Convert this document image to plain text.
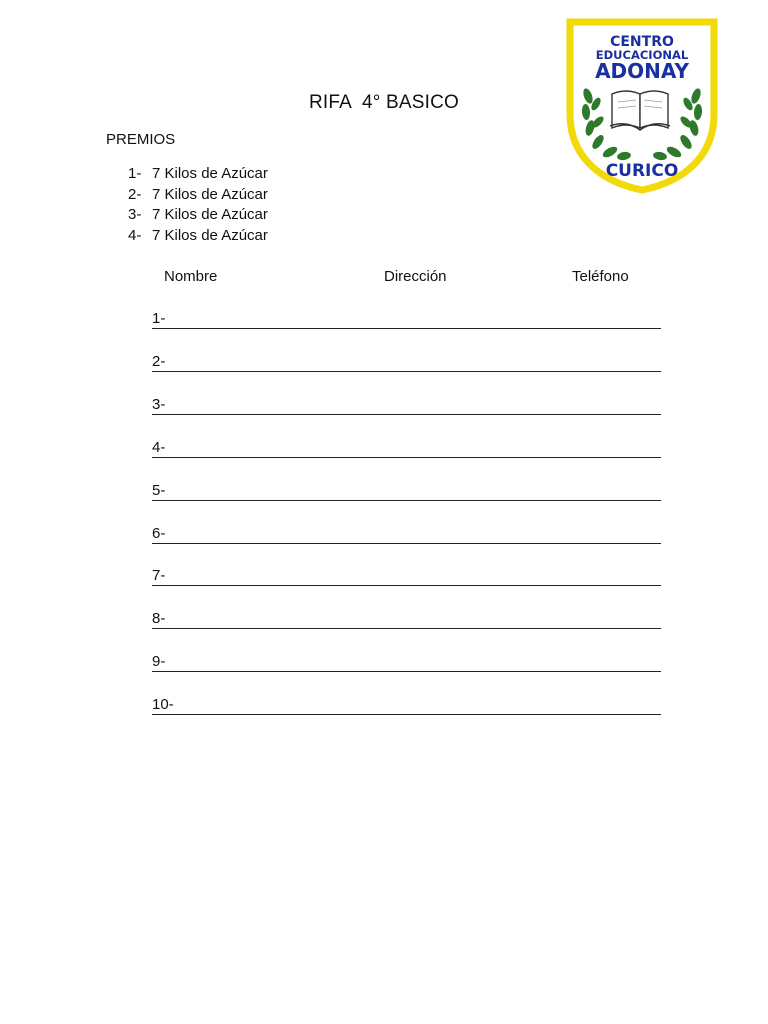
CENTRO
EDUCACIONAL
ADONAY
CURICO
RIFA  4° BASICO
PREMIOS
1- 7 Kilos de Azúcar
2- 7 Kilos de Azúcar
3- 7 Kilos de Azúcar
4- 7 Kilos de Azúcar
Nombre	Dirección	Teléfono
1-
2-
3-
4-
5-
6-
7-
8-
9-
10-
